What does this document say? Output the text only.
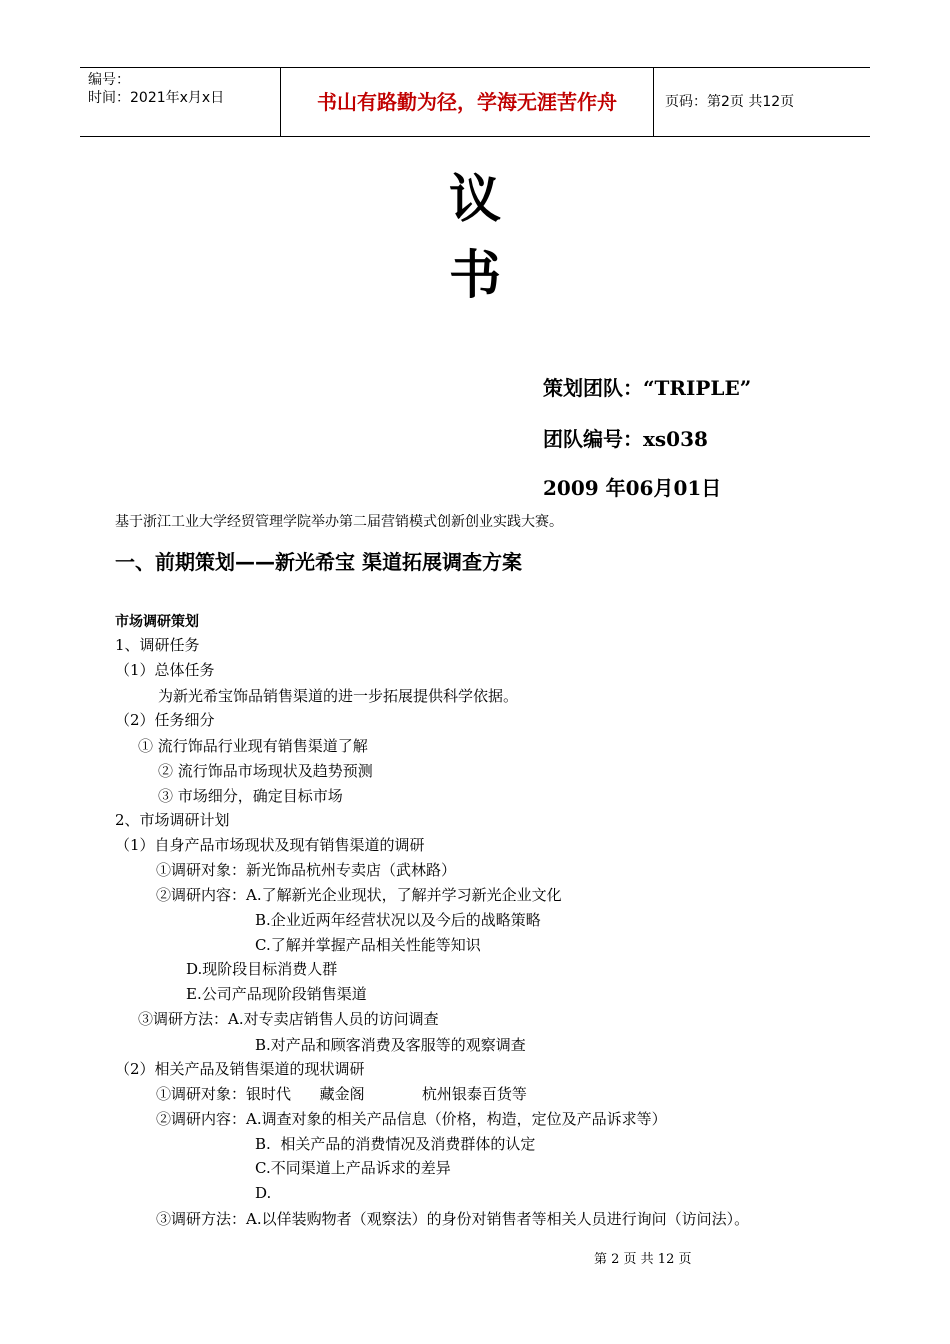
编号：
时间：2021年x月x日	书山有路勤为径，学海无涯苦作舟	页码：第2页 共12页
议
书
策划团队：“TRIPLE”
团队编号：xs038
2009 年06月01日
基于浙江工业大学经贸管理学院举办第二届营销模式创新创业实践大赛。
一、前期策划——新光希宝 渠道拓展调查方案
市场调研策划
1、调研任务
（1）总体任务
为新光希宝饰品销售渠道的进一步拓展提供科学依据。
（2）任务细分
① 流行饰品行业现有销售渠道了解
② 流行饰品市场现状及趋势预测
③ 市场细分，确定目标市场
2、市场调研计划
（1）自身产品市场现状及现有销售渠道的调研
①调研对象：新光饰品杭州专卖店（武林路）
②调研内容：A.了解新光企业现状，了解并学习新光企业文化
B.企业近两年经营状况以及今后的战略策略
C.了解并掌握产品相关性能等知识
D.现阶段目标消费人群
E.公司产品现阶段销售渠道
③调研方法：A.对专卖店销售人员的访问调查
B.对产品和顾客消费及客服等的观察调查
（2）相关产品及销售渠道的现状调研
①调研对象：银时代      藏金阁            杭州银泰百货等
②调研内容：A.调查对象的相关产品信息（价格，构造，定位及产品诉求等）
B.  相关产品的消费情况及消费群体的认定
C.不同渠道上产品诉求的差异
D.
③调研方法：A.以佯装购物者（观察法）的身份对销售者等相关人员进行询问（访问法）。
第 2 页 共 12 页
